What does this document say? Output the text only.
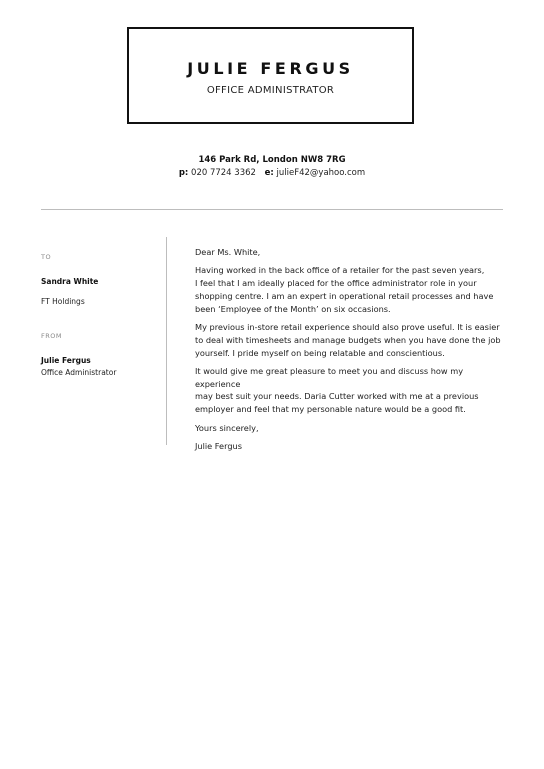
JULIE FERGUS
OFFICE ADMINISTRATOR
146 Park Rd, London NW8 7RG
p: 020 7724 3362 e: julieF42@yahoo.com
TO
Sandra White
FT Holdings
FROM
Julie Fergus
Office Administrator

Dear Ms. White,

Having worked in the back office of a retailer for the past seven years,
I feel that I am ideally placed for the office administrator role in your
shopping centre. I am an expert in operational retail processes and have
been ‘Employee of the Month’ on six occasions.

My previous in-store retail experience should also prove useful. It is easier
to deal with timesheets and manage budgets when you have done the job
yourself. I pride myself on being relatable and conscientious.

It would give me great pleasure to meet you and discuss how my experience
may best suit your needs. Daria Cutter worked with me at a previous
employer and feel that my personable nature would be a good fit.

Yours sincerely,

Julie Fergus
